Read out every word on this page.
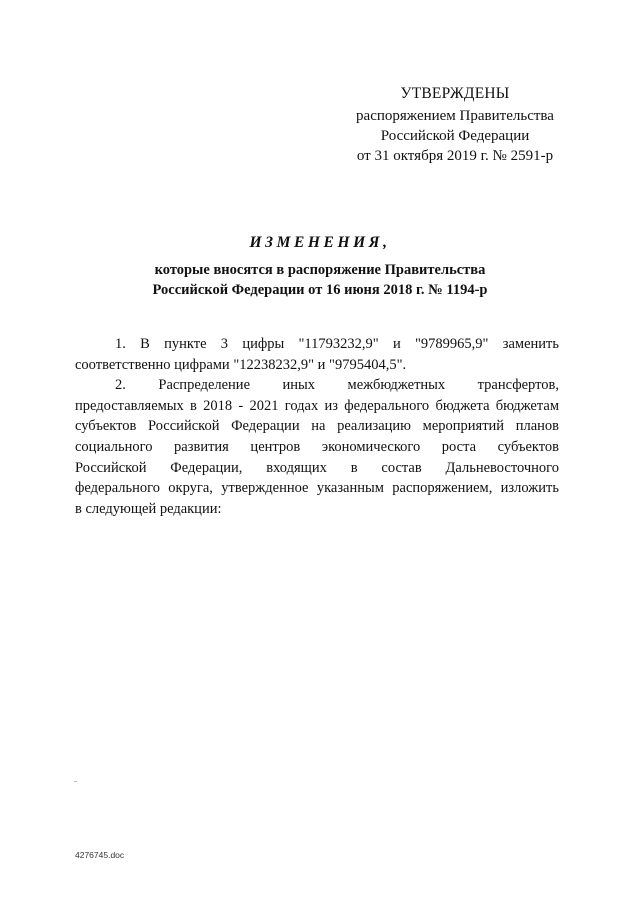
УТВЕРЖДЕНЫ
распоряжением Правительства
Российской Федерации
от 31 октября 2019 г. № 2591-р
ИЗМЕНЕНИЯ,
которые вносятся в распоряжение Правительства
Российской Федерации от 16 июня 2018 г. № 1194-р
1. В пункте 3 цифры "11793232,9" и "9789965,9" заменить
соответственно цифрами "12238232,9" и "9795404,5".
2. Распределение иных межбюджетных трансфертов,
предоставляемых в 2018 - 2021 годах из федерального бюджета бюджетам
субъектов Российской Федерации на реализацию мероприятий планов
социального развития центров экономического роста субъектов
Российской Федерации, входящих в состав Дальневосточного
федерального округа, утвержденное указанным распоряжением, изложить
в следующей редакции:
4276745.doc
